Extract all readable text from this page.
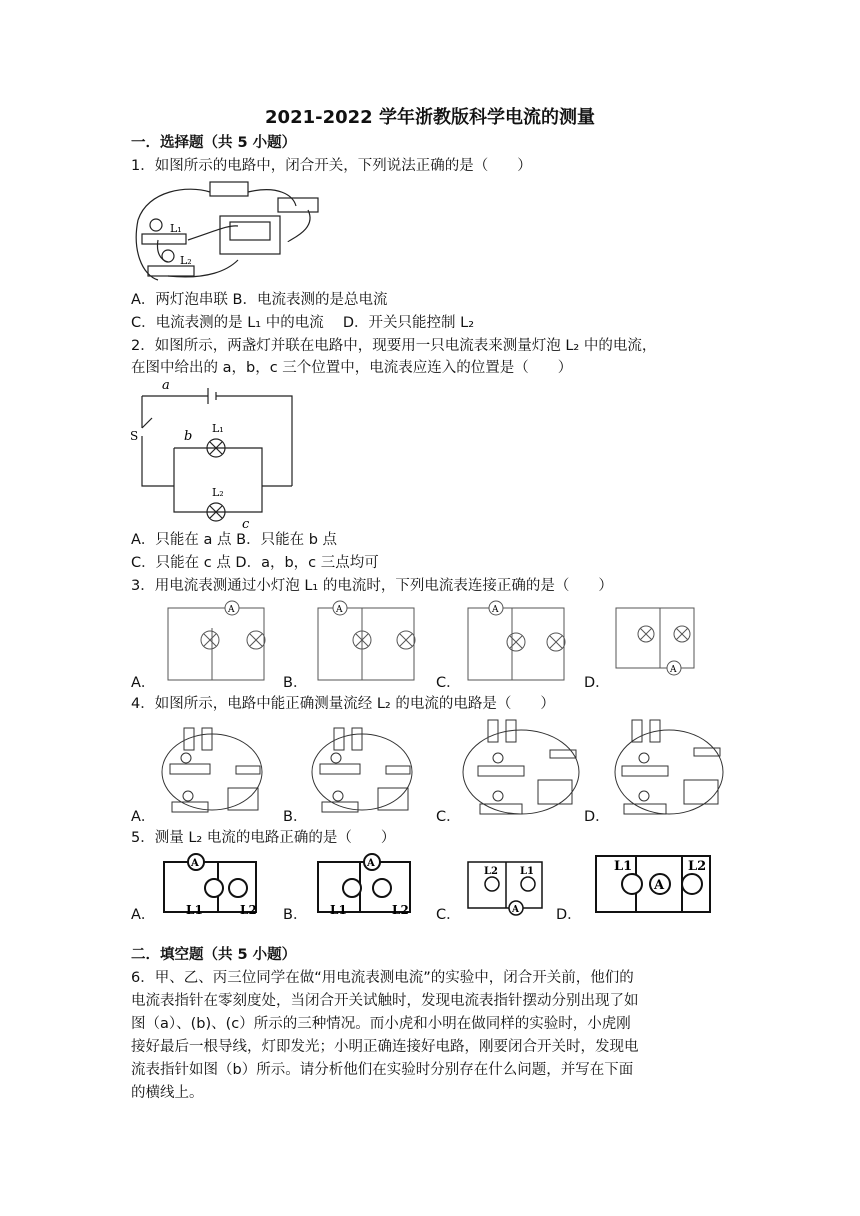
2021-2022 学年浙教版科学电流的测量
一．选择题（共 5 小题）
1．如图所示的电路中，闭合开关，下列说法正确的是（　　）
L₁
L₂
A．两灯泡串联 B．电流表测的是总电流
C．电流表测的是 L₁ 中的电流　 D．开关只能控制 L₂
2．如图所示，两盏灯并联在电路中，现要用一只电流表来测量灯泡 L₂ 中的电流，
在图中给出的 a，b，c 三个位置中，电流表应连入的位置是（　　）
a
b
c
S
L₁
L₂
A．只能在 a 点 B．只能在 b 点
C．只能在 c 点 D．a，b，c 三点均可
3．用电流表测通过小灯泡 L₁ 的电流时，下列电流表连接正确的是（　　）
A．	B．	C．	D．
A	A	A
A
4．如图所示，电路中能正确测量流经 L₂ 的电流的电路是（　　）
A．	B．	C．	D．
5．测量 L₂ 电流的电路正确的是（　　）
A．	B．	C．	D．
A
L1	L2
A
L1	L2	A
L2 L1
A
L1	L2
二．填空题（共 5 小题）
6．甲、乙、丙三位同学在做“用电流表测电流”的实验中，闭合开关前，他们的
电流表指针在零刻度处，当闭合开关试触时，发现电流表指针摆动分别出现了如
图（a）、(b)、(c）所示的三种情况。而小虎和小明在做同样的实验时，小虎刚
接好最后一根导线，灯即发光；小明正确连接好电路，刚要闭合开关时，发现电
流表指针如图（b）所示。请分析他们在实验时分别存在什么问题，并写在下面
的横线上。
